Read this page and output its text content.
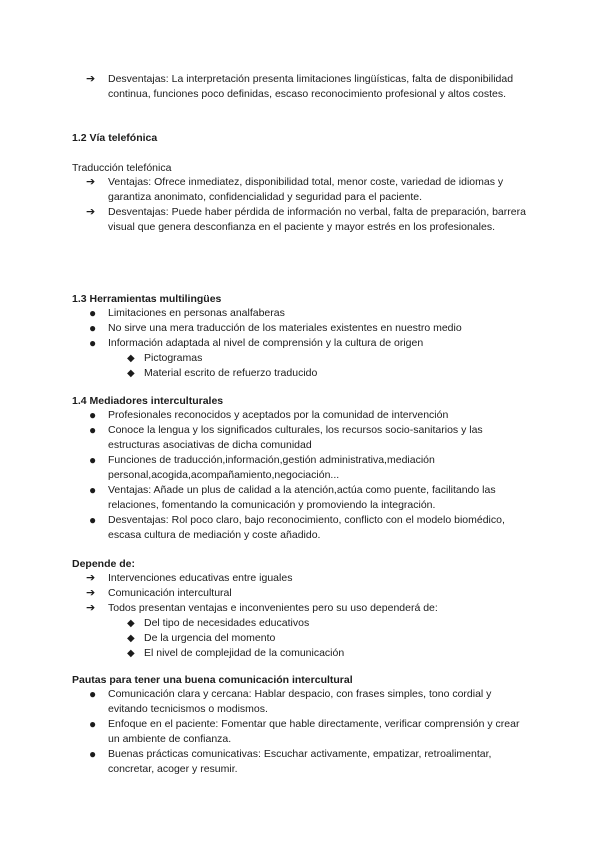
➔ Desventajas: La interpretación presenta limitaciones lingüísticas, falta de disponibilidad continua, funciones poco definidas, escaso reconocimiento profesional y altos costes.
1.2 Vía telefónica
Traducción telefónica
➔ Ventajas: Ofrece inmediatez, disponibilidad total, menor coste, variedad de idiomas y garantiza anonimato, confidencialidad y seguridad para el paciente.
➔ Desventajas: Puede haber pérdida de información no verbal, falta de preparación, barrera visual que genera desconfianza en el paciente y mayor estrés en los profesionales.
1.3 Herramientas multilingües
● Limitaciones en personas analfaberas
● No sirve una mera traducción de los materiales existentes en nuestro medio
● Información adaptada al nivel de comprensión y la cultura de origen
◆ Pictogramas
◆ Material escrito de refuerzo traducido
1.4 Mediadores interculturales
● Profesionales reconocidos y aceptados por la comunidad de intervención
● Conoce la lengua y los significados culturales, los recursos socio-sanitarios y las estructuras asociativas de dicha comunidad
● Funciones de traducción,información,gestión administrativa,mediación personal,acogida,acompañamiento,negociación...
● Ventajas: Añade un plus de calidad a la atención,actúa como puente, facilitando las relaciones, fomentando la comunicación y promoviendo la integración.
● Desventajas: Rol poco claro, bajo reconocimiento, conflicto con el modelo biomédico, escasa cultura de mediación y coste añadido.
Depende de:
➔ Intervenciones educativas entre iguales
➔ Comunicación intercultural
➔ Todos presentan ventajas e inconvenientes pero su uso dependerá de:
◆ Del tipo de necesidades educativos
◆ De la urgencia del momento
◆ El nivel de complejidad de la comunicación
Pautas para tener una buena comunicación intercultural
● Comunicación clara y cercana: Hablar despacio, con frases simples, tono cordial y evitando tecnicismos o modismos.
● Enfoque en el paciente: Fomentar que hable directamente, verificar comprensión y crear un ambiente de confianza.
● Buenas prácticas comunicativas: Escuchar activamente, empatizar, retroalimentar, concretar, acoger y resumir.
